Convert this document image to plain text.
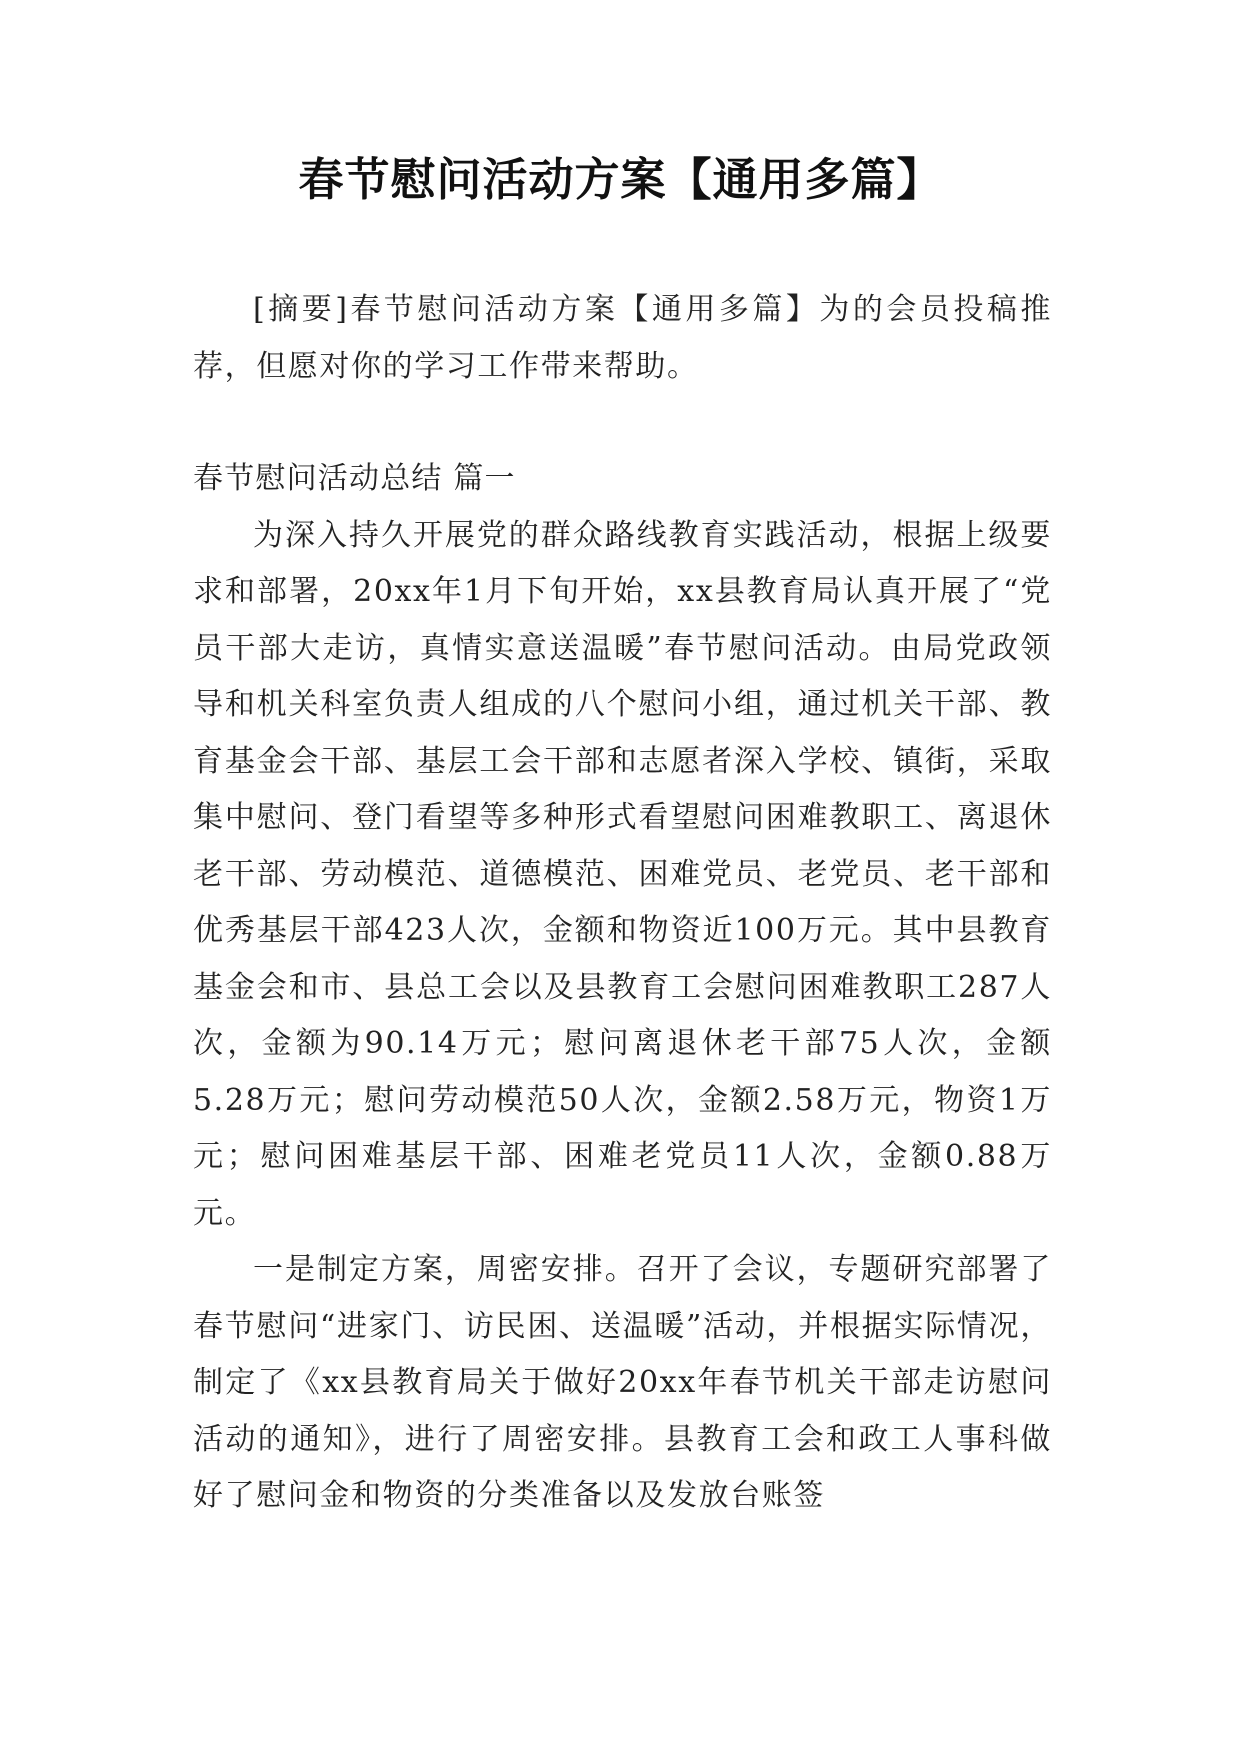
春节慰问活动方案【通用多篇】

[摘要]春节慰问活动方案【通用多篇】为的会员投稿推荐，但愿对你的学习工作带来帮助。

春节慰问活动总结 篇一

为深入持久开展党的群众路线教育实践活动，根据上级要求和部署，20xx年1月下旬开始，xx县教育局认真开展了“党员干部大走访，真情实意送温暖”春节慰问活动。由局党政领导和机关科室负责人组成的八个慰问小组，通过机关干部、教育基金会干部、基层工会干部和志愿者深入学校、镇街，采取集中慰问、登门看望等多种形式看望慰问困难教职工、离退休老干部、劳动模范、道德模范、困难党员、老党员、老干部和优秀基层干部423人次，金额和物资近100万元。其中县教育基金会和市、县总工会以及县教育工会慰问困难教职工287人次，金额为90.14万元；慰问离退休老干部75人次，金额5.28万元；慰问劳动模范50人次，金额2.58万元，物资1万元；慰问困难基层干部、困难老党员11人次，金额0.88万元。

一是制定方案，周密安排。召开了会议，专题研究部署了春节慰问“进家门、访民困、送温暖”活动，并根据实际情况，制定了《xx县教育局关于做好20xx年春节机关干部走访慰问活动的通知》，进行了周密安排。县教育工会和政工人事科做好了慰问金和物资的分类准备以及发放台账签
